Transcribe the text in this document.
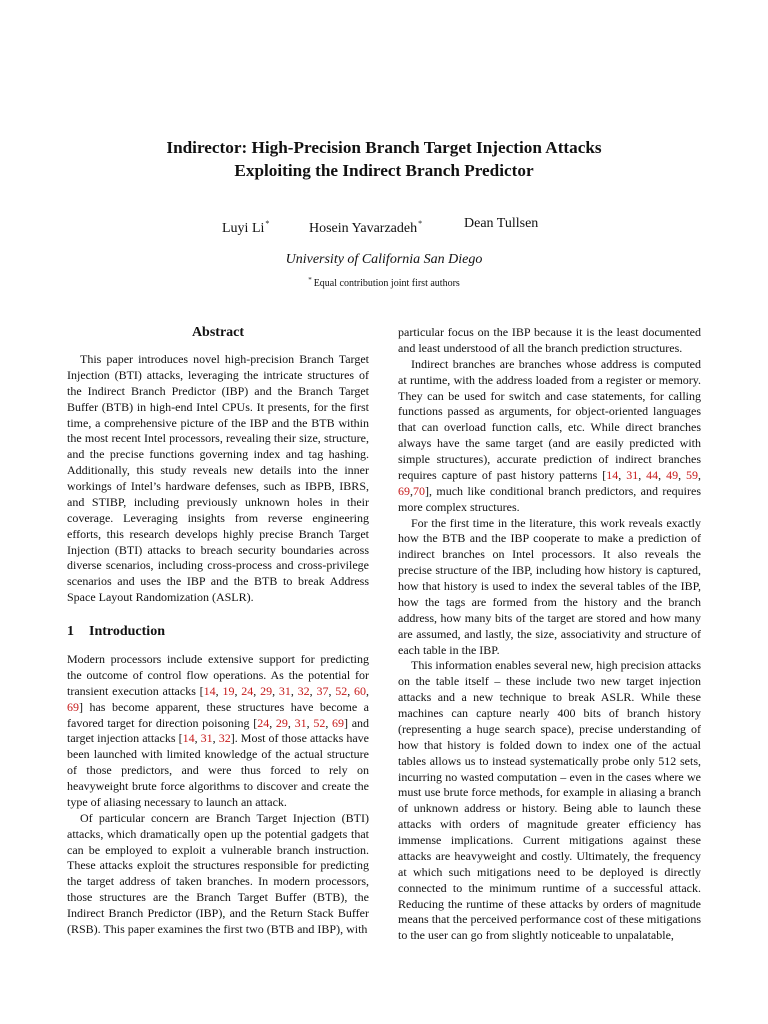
Indirector: High-Precision Branch Target Injection Attacks
Exploiting the Indirect Branch Predictor
Luyi Li*	Hosein Yavarzadeh*	Dean Tullsen
University of California San Diego
* Equal contribution joint first authors
Abstract

This paper introduces novel high-precision Branch Target Injection (BTI) attacks, leveraging the intricate structures of the Indirect Branch Predictor (IBP) and the Branch Target Buffer (BTB) in high-end Intel CPUs. It presents, for the first time, a comprehensive picture of the IBP and the BTB within the most recent Intel processors, revealing their size, structure, and the precise functions governing index and tag hashing. Additionally, this study reveals new details into the inner workings of Intel’s hardware defenses, such as IBPB, IBRS, and STIBP, including previously unknown holes in their coverage. Leveraging insights from reverse engineering efforts, this research develops highly precise Branch Target Injection (BTI) attacks to breach security boundaries across diverse scenarios, including cross-process and cross-privilege scenarios and uses the IBP and the BTB to break Address Space Layout Randomization (ASLR).

1 Introduction

Modern processors include extensive support for predicting the outcome of control flow operations. As the potential for transient execution attacks [14, 19, 24, 29, 31, 32, 37, 52, 60, 69] has become apparent, these structures have become a favored target for direction poisoning [24, 29, 31, 52, 69] and target injection attacks [14, 31, 32]. Most of those attacks have been launched with limited knowledge of the actual structure of those predictors, and were thus forced to rely on heavyweight brute force algorithms to discover and create the type of aliasing necessary to launch an attack.

Of particular concern are Branch Target Injection (BTI) attacks, which dramatically open up the potential gadgets that can be employed to exploit a vulnerable branch instruction. These attacks exploit the structures responsible for predicting the target address of taken branches. In modern processors, those structures are the Branch Target Buffer (BTB), the Indirect Branch Predictor (IBP), and the Return Stack Buffer (RSB). This paper examines the first two (BTB and IBP), with

particular focus on the IBP because it is the least documented and least understood of all the branch prediction structures.

Indirect branches are branches whose address is computed at runtime, with the address loaded from a register or memory. They can be used for switch and case statements, for calling functions passed as arguments, for object-oriented languages that can overload function calls, etc. While direct branches always have the same target (and are easily predicted with simple structures), accurate prediction of indirect branches requires capture of past history patterns [14, 31, 44, 49, 59, 69,70], much like conditional branch predictors, and requires more complex structures.

For the first time in the literature, this work reveals exactly how the BTB and the IBP cooperate to make a prediction of indirect branches on Intel processors. It also reveals the precise structure of the IBP, including how history is captured, how that history is used to index the several tables of the IBP, how the tags are formed from the history and the branch address, how many bits of the target are stored and how many are assumed, and lastly, the size, associativity and structure of each table in the IBP.

This information enables several new, high precision attacks on the table itself – these include two new target injection attacks and a new technique to break ASLR. While these machines can capture nearly 400 bits of branch history (representing a huge search space), precise understanding of how that history is folded down to index one of the actual tables allows us to instead systematically probe only 512 sets, incurring no wasted computation – even in the cases where we must use brute force methods, for example in aliasing a branch of unknown address or history. Being able to launch these attacks with orders of magnitude greater efficiency has immense implications. Current mitigations against these attacks are heavyweight and costly. Ultimately, the frequency at which such mitigations need to be deployed is directly connected to the minimum runtime of a successful attack. Reducing the runtime of these attacks by orders of magnitude means that the perceived performance cost of these mitigations to the user can go from slightly noticeable to unpalatable,
